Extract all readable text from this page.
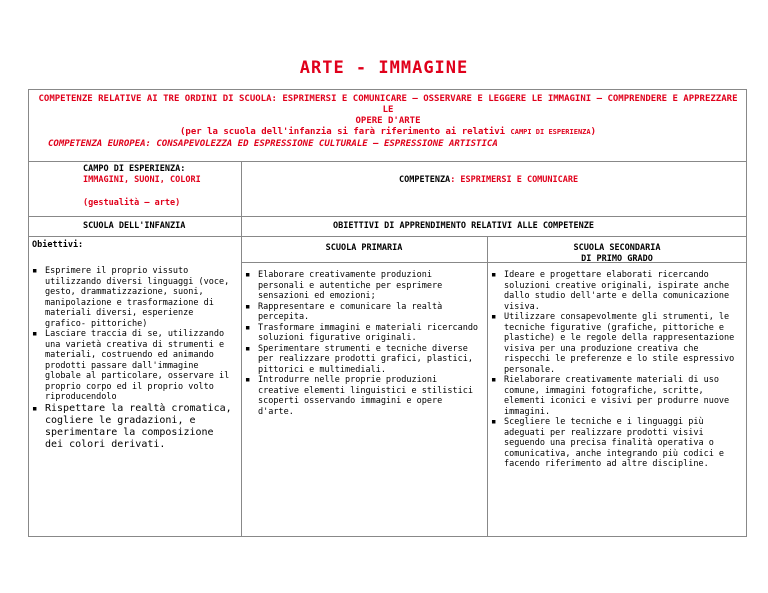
ARTE - IMMAGINE
COMPETENZE RELATIVE AI TRE ORDINI DI SCUOLA: ESPRIMERSI E COMUNICARE – OSSERVARE E LEGGERE LE IMMAGINI – COMPRENDERE E APPREZZARE LE
OPERE D'ARTE
(per la scuola dell'infanzia si farà riferimento ai relativi CAMPI DI ESPERIENZA)
COMPETENZA EUROPEA: CONSAPEVOLEZZA ED ESPRESSIONE CULTURALE – ESPRESSIONE ARTISTICA
CAMPO DI ESPERIENZA:
IMMAGINI, SUONI, COLORI
(gestualità – arte)
COMPETENZA: ESPRIMERSI E COMUNICARE
SCUOLA DELL'INFANZIA	OBIETTIVI DI APPRENDIMENTO RELATIVI ALLE COMPETENZE
SCUOLA PRIMARIA	SCUOLA SECONDARIA
DI PRIMO GRADO
Obiettivi:
▪ Esprimere il proprio vissuto utilizzando diversi linguaggi (voce, gesto, drammatizzazione, suoni, manipolazione e trasformazione di materiali diversi, esperienze grafico- pittoriche)
▪ Lasciare traccia di se, utilizzando una varietà creativa di strumenti e materiali, costruendo ed animando prodotti passare dall'immagine globale al particolare, osservare il proprio corpo ed il proprio volto riproducendolo
▪ Rispettare la realtà cromatica, cogliere le gradazioni, e sperimentare la composizione dei colori derivati.
▪ Elaborare creativamente produzioni personali e autentiche per esprimere sensazioni ed emozioni;
▪ Rappresentare e comunicare la realtà percepita.
▪ Trasformare immagini e materiali ricercando soluzioni figurative originali.
▪ Sperimentare strumenti e tecniche diverse per realizzare prodotti grafici, plastici, pittorici e multimediali.
▪ Introdurre nelle proprie produzioni creative elementi linguistici e stilistici scoperti osservando immagini e opere d'arte.
▪ Ideare e progettare elaborati ricercando soluzioni creative originali, ispirate anche dallo studio dell'arte e della comunicazione visiva.
▪ Utilizzare consapevolmente gli strumenti, le tecniche figurative (grafiche, pittoriche e plastiche) e le regole della rappresentazione visiva per una produzione creativa che rispecchi le preferenze e lo stile espressivo personale.
▪ Rielaborare creativamente materiali di uso comune, immagini fotografiche, scritte, elementi iconici e visivi per produrre nuove immagini.
▪ Scegliere le tecniche e i linguaggi più adeguati per realizzare prodotti visivi seguendo una precisa finalità operativa o comunicativa, anche integrando più codici e facendo riferimento ad altre discipline.
